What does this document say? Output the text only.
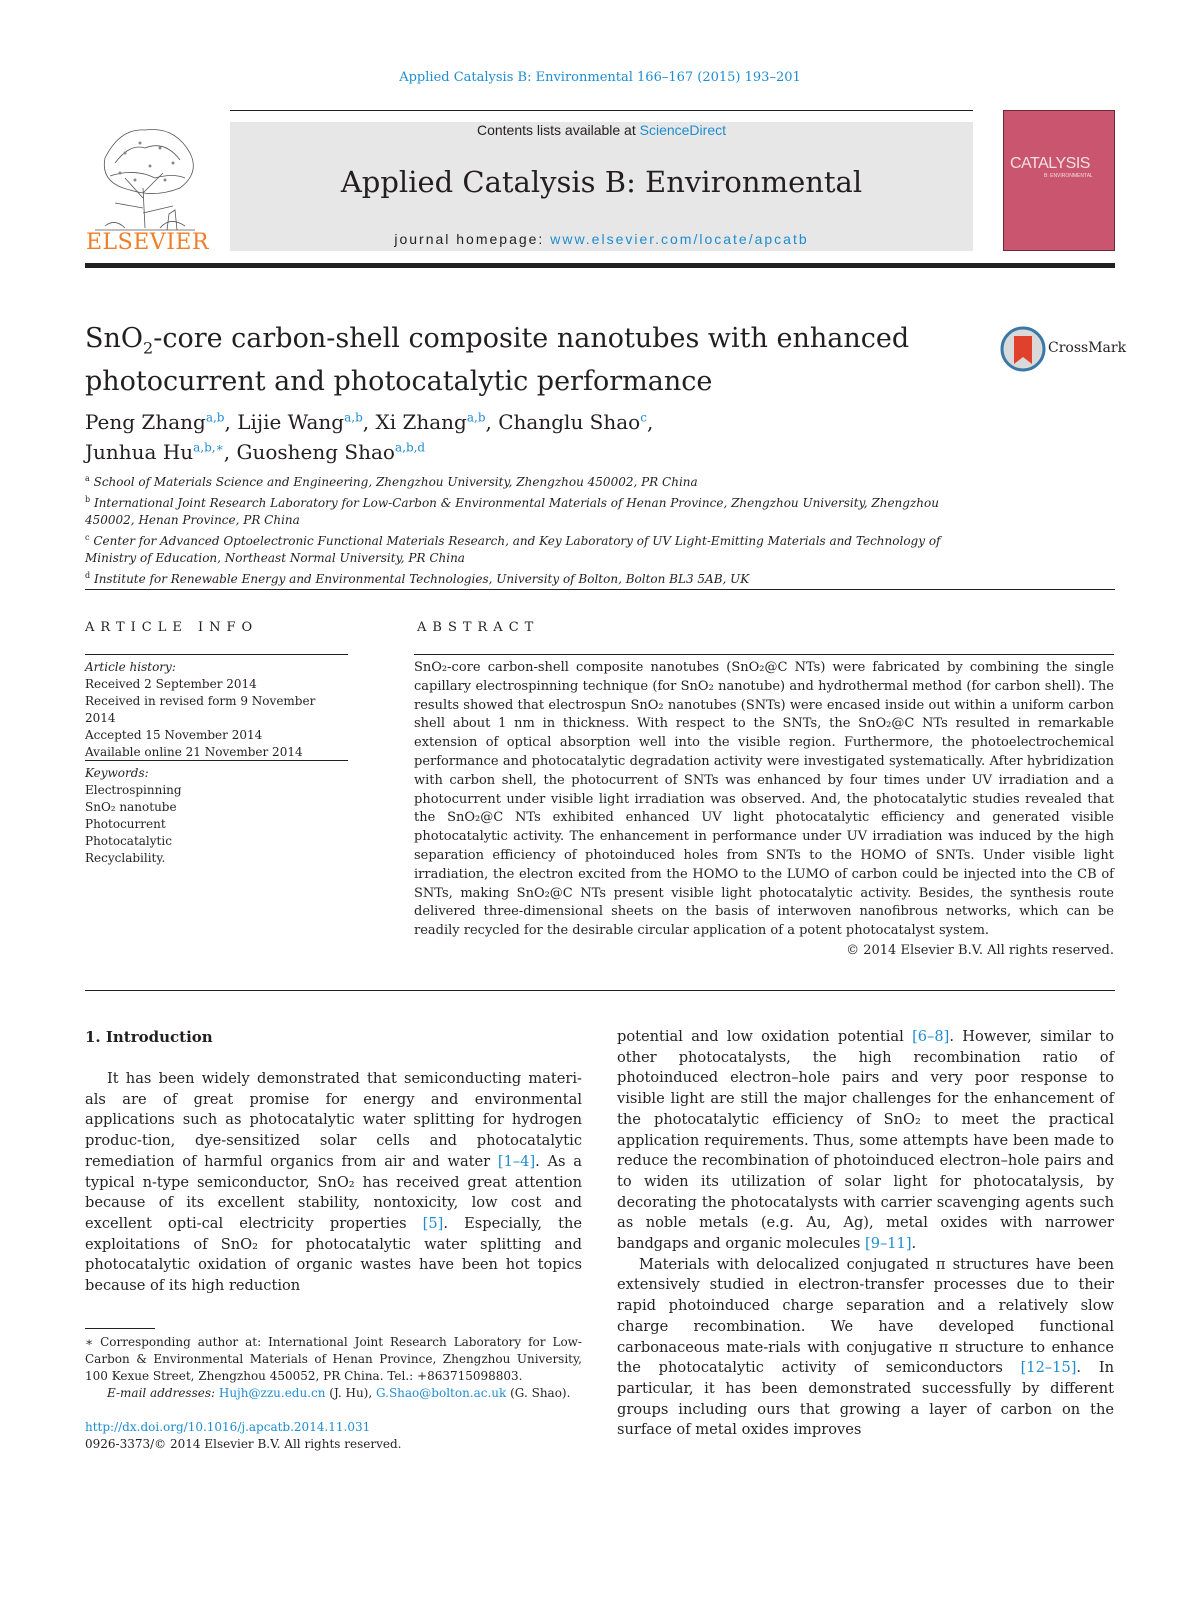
Applied Catalysis B: Environmental 166–167 (2015) 193–201
ELSEVIER
Contents lists available at ScienceDirect
Applied Catalysis B: Environmental
journal homepage: www.elsevier.com/locate/apcatb
CATALYSIS
B: ENVIRONMENTAL
SnO$_2$-core carbon-shell composite nanotubes with enhanced
photocurrent and photocatalytic performance
CrossMark
Peng Zhang$^{a,b}$, Lijie Wang$^{a,b}$, Xi Zhang$^{a,b}$, Changlu Shao$^c$,
Junhua $Hu^{a,b,∗}$, Guosheng Shao$^{a,b,d}$
$^a$ School of Materials Science and Engineering, Zhengzhou University, Zhengzhou 450002, PR China
$^b$ International Joint Research Laboratory for Low-Carbon & Environmental Materials of Henan Province, Zhengzhou University, Zhengzhou 450002, Henan Province, PR China
$^c$ Center for Advanced Optoelectronic Functional Materials Research, and Key Laboratory of UV Light-Emitting Materials and Technology of Ministry of Education, Northeast Normal University, PR China
$^d$ Institute for Renewable Energy and Environmental Technologies, University of Bolton, Bolton BL3 5AB, UK
ARTICLE INFO	ABSTRACT
Article history:
Received 2 September 2014
Received in revised form 9 November 2014
Accepted 15 November 2014
Available online 21 November 2014
Keywords:
Electrospinning
SnO₂ nanotube
Photocurrent
Photocatalytic
Recyclability.
SnO₂-core carbon-shell composite nanotubes (SnO₂@C NTs) were fabricated by combining the single capillary electrospinning technique (for SnO₂ nanotube) and hydrothermal method (for carbon shell). The results showed that electrospun SnO₂ nanotubes (SNTs) were encased inside out within a uniform carbon shell about 1 nm in thickness. With respect to the SNTs, the SnO₂@C NTs resulted in remarkable extension of optical absorption well into the visible region. Furthermore, the photoelectrochemical performance and photocatalytic degradation activity were investigated systematically. After hybridization with carbon shell, the photocurrent of SNTs was enhanced by four times under UV irradiation and a photocurrent under visible light irradiation was observed. And, the photocatalytic studies revealed that the SnO₂@C NTs exhibited enhanced UV light photocatalytic efficiency and generated visible photocatalytic activity. The enhancement in performance under UV irradiation was induced by the high separation efficiency of photoinduced holes from SNTs to the HOMO of SNTs. Under visible light irradiation, the electron excited from the HOMO to the LUMO of carbon could be injected into the CB of SNTs, making SnO₂@C NTs present visible light photocatalytic activity. Besides, the synthesis route delivered three-dimensional sheets on the basis of interwoven nanofibrous networks, which can be readily recycled for the desirable circular application of a potent photocatalyst system.
© 2014 Elsevier B.V. All rights reserved.
1. Introduction

It has been widely demonstrated that semiconducting materi-als are of great promise for energy and environmental applications such as photocatalytic water splitting for hydrogen produc-tion, dye-sensitized solar cells and photocatalytic remediation of harmful organics from air and water [1–4]. As a typical n-type semiconductor, SnO₂ has received great attention because of its excellent stability, nontoxicity, low cost and excellent opti-cal electricity properties [5]. Especially, the exploitations of SnO₂ for photocatalytic water splitting and photocatalytic oxidation of organic wastes have been hot topics because of its high reduction

potential and low oxidation potential [6–8]. However, similar to other photocatalysts, the high recombination ratio of photoinduced electron–hole pairs and very poor response to visible light are still the major challenges for the enhancement of the photocatalytic efficiency of SnO₂ to meet the practical application requirements. Thus, some attempts have been made to reduce the recombination of photoinduced electron–hole pairs and to widen its utilization of solar light for photocatalysis, by decorating the photocatalysts with carrier scavenging agents such as noble metals (e.g. Au, Ag), metal oxides with narrower bandgaps and organic molecules [9–11].

Materials with delocalized conjugated π structures have been extensively studied in electron-transfer processes due to their rapid photoinduced charge separation and a relatively slow charge recombination. We have developed functional carbonaceous mate-rials with conjugative π structure to enhance the photocatalytic activity of semiconductors [12–15]. In particular, it has been demonstrated successfully by different groups including ours that growing a layer of carbon on the surface of metal oxides improves

∗ Corresponding author at: International Joint Research Laboratory for Low-Carbon & Environmental Materials of Henan Province, Zhengzhou University, 100 Kexue Street, Zhengzhou 450052, PR China. Tel.: +863715098803.
E-mail addresses: Hujh@zzu.edu.cn (J. Hu), G.Shao@bolton.ac.uk (G. Shao).
http://dx.doi.org/10.1016/j.apcatb.2014.11.031
0926-3373/© 2014 Elsevier B.V. All rights reserved.
